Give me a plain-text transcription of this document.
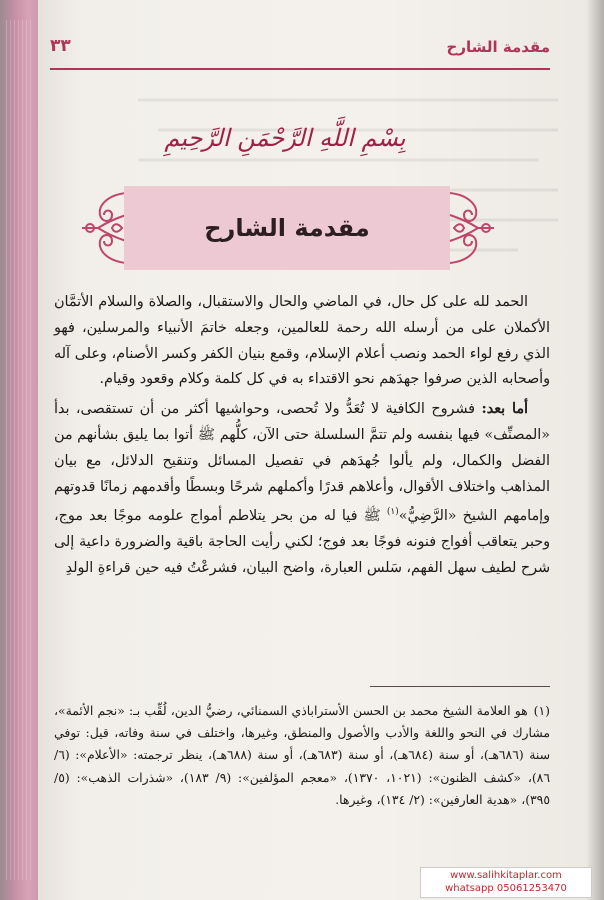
مقدمة الشارح
٣٣
بِسْمِ اللَّهِ الرَّحْمَنِ الرَّحِيمِ
مقدمة الشارح

الحمد لله على كل حال، في الماضي والحال والاستقبال، والصلاة والسلام الأتمَّان الأكملان على من أرسله الله رحمة للعالمين، وجعله خاتمَ الأنبياء والمرسلين، فهو الذي رفع لواء الحمد ونصب أعلام الإسلام، وقمع بنيان الكفر وكسر الأصنام، وعلى آله وأصحابه الذين صرفوا جهدَهم نحو الاقتداء به في كل كلمة وكلام وقعود وقيام.

أما بعد: فشروح الكافية لا تُعَدُّ ولا تُحصى، وحواشيها أكثر من أن تستقصى، بدأ «المصنِّف» فيها بنفسه ولم تتمَّ السلسلة حتى الآن، كلُّهم ﷺ أتوا بما يليق بشأنهم من الفضل والكمال، ولم يألوا جُهدَهم في تفصيل المسائل وتنقيح الدلائل، مع بيان المذاهب واختلاف الأقوال، وأعلاهم قدرًا وأكملهم شرحًا وبسطًا وأقدمهم زمانًا قدوتهم وإمامهم الشيخ «الرَّضِيُّ»$^{(١)}$ ﷺ فيا له من بحر يتلاطم أمواج علومه موجًا بعد موج، وحبر يتعاقب أفواج فنونه فوجًا بعد فوج؛ لكني رأيت الحاجة باقية والضرورة داعية إلى شرح لطيف سهل الفهم، سَلس العبارة، واضح البيان، فشرعْتُ فيه حين قراءةِ الولدِ

(١)هو العلامة الشيخ محمد بن الحسن الأستراباذي السمنائي، رضيُّ الدين، لُقِّب بـ: «نجم الأئمة»، مشارك في النحو واللغة والأدب والأصول والمنطق، وغيرها، واختلف في سنة وفاته، قيل: توفي سنة (٦٨٦هـ)، أو سنة (٦٨٤هـ)، أو سنة (٦٨٣هـ)، أو سنة (٦٨٨هـ)، ينظر ترجمته: «الأعلام»: (٦/ ٨٦)، «كشف الظنون»: (١٠٢١، ١٣٧٠)، «معجم المؤلفين»: (٩/ ١٨٣)، «شذرات الذهب»: (٥/ ٣٩٥)، «هدية العارفين»: (٢/ ١٣٤)، وغيرها.
www.salihkitaplar.com
whatsapp 05061253470
